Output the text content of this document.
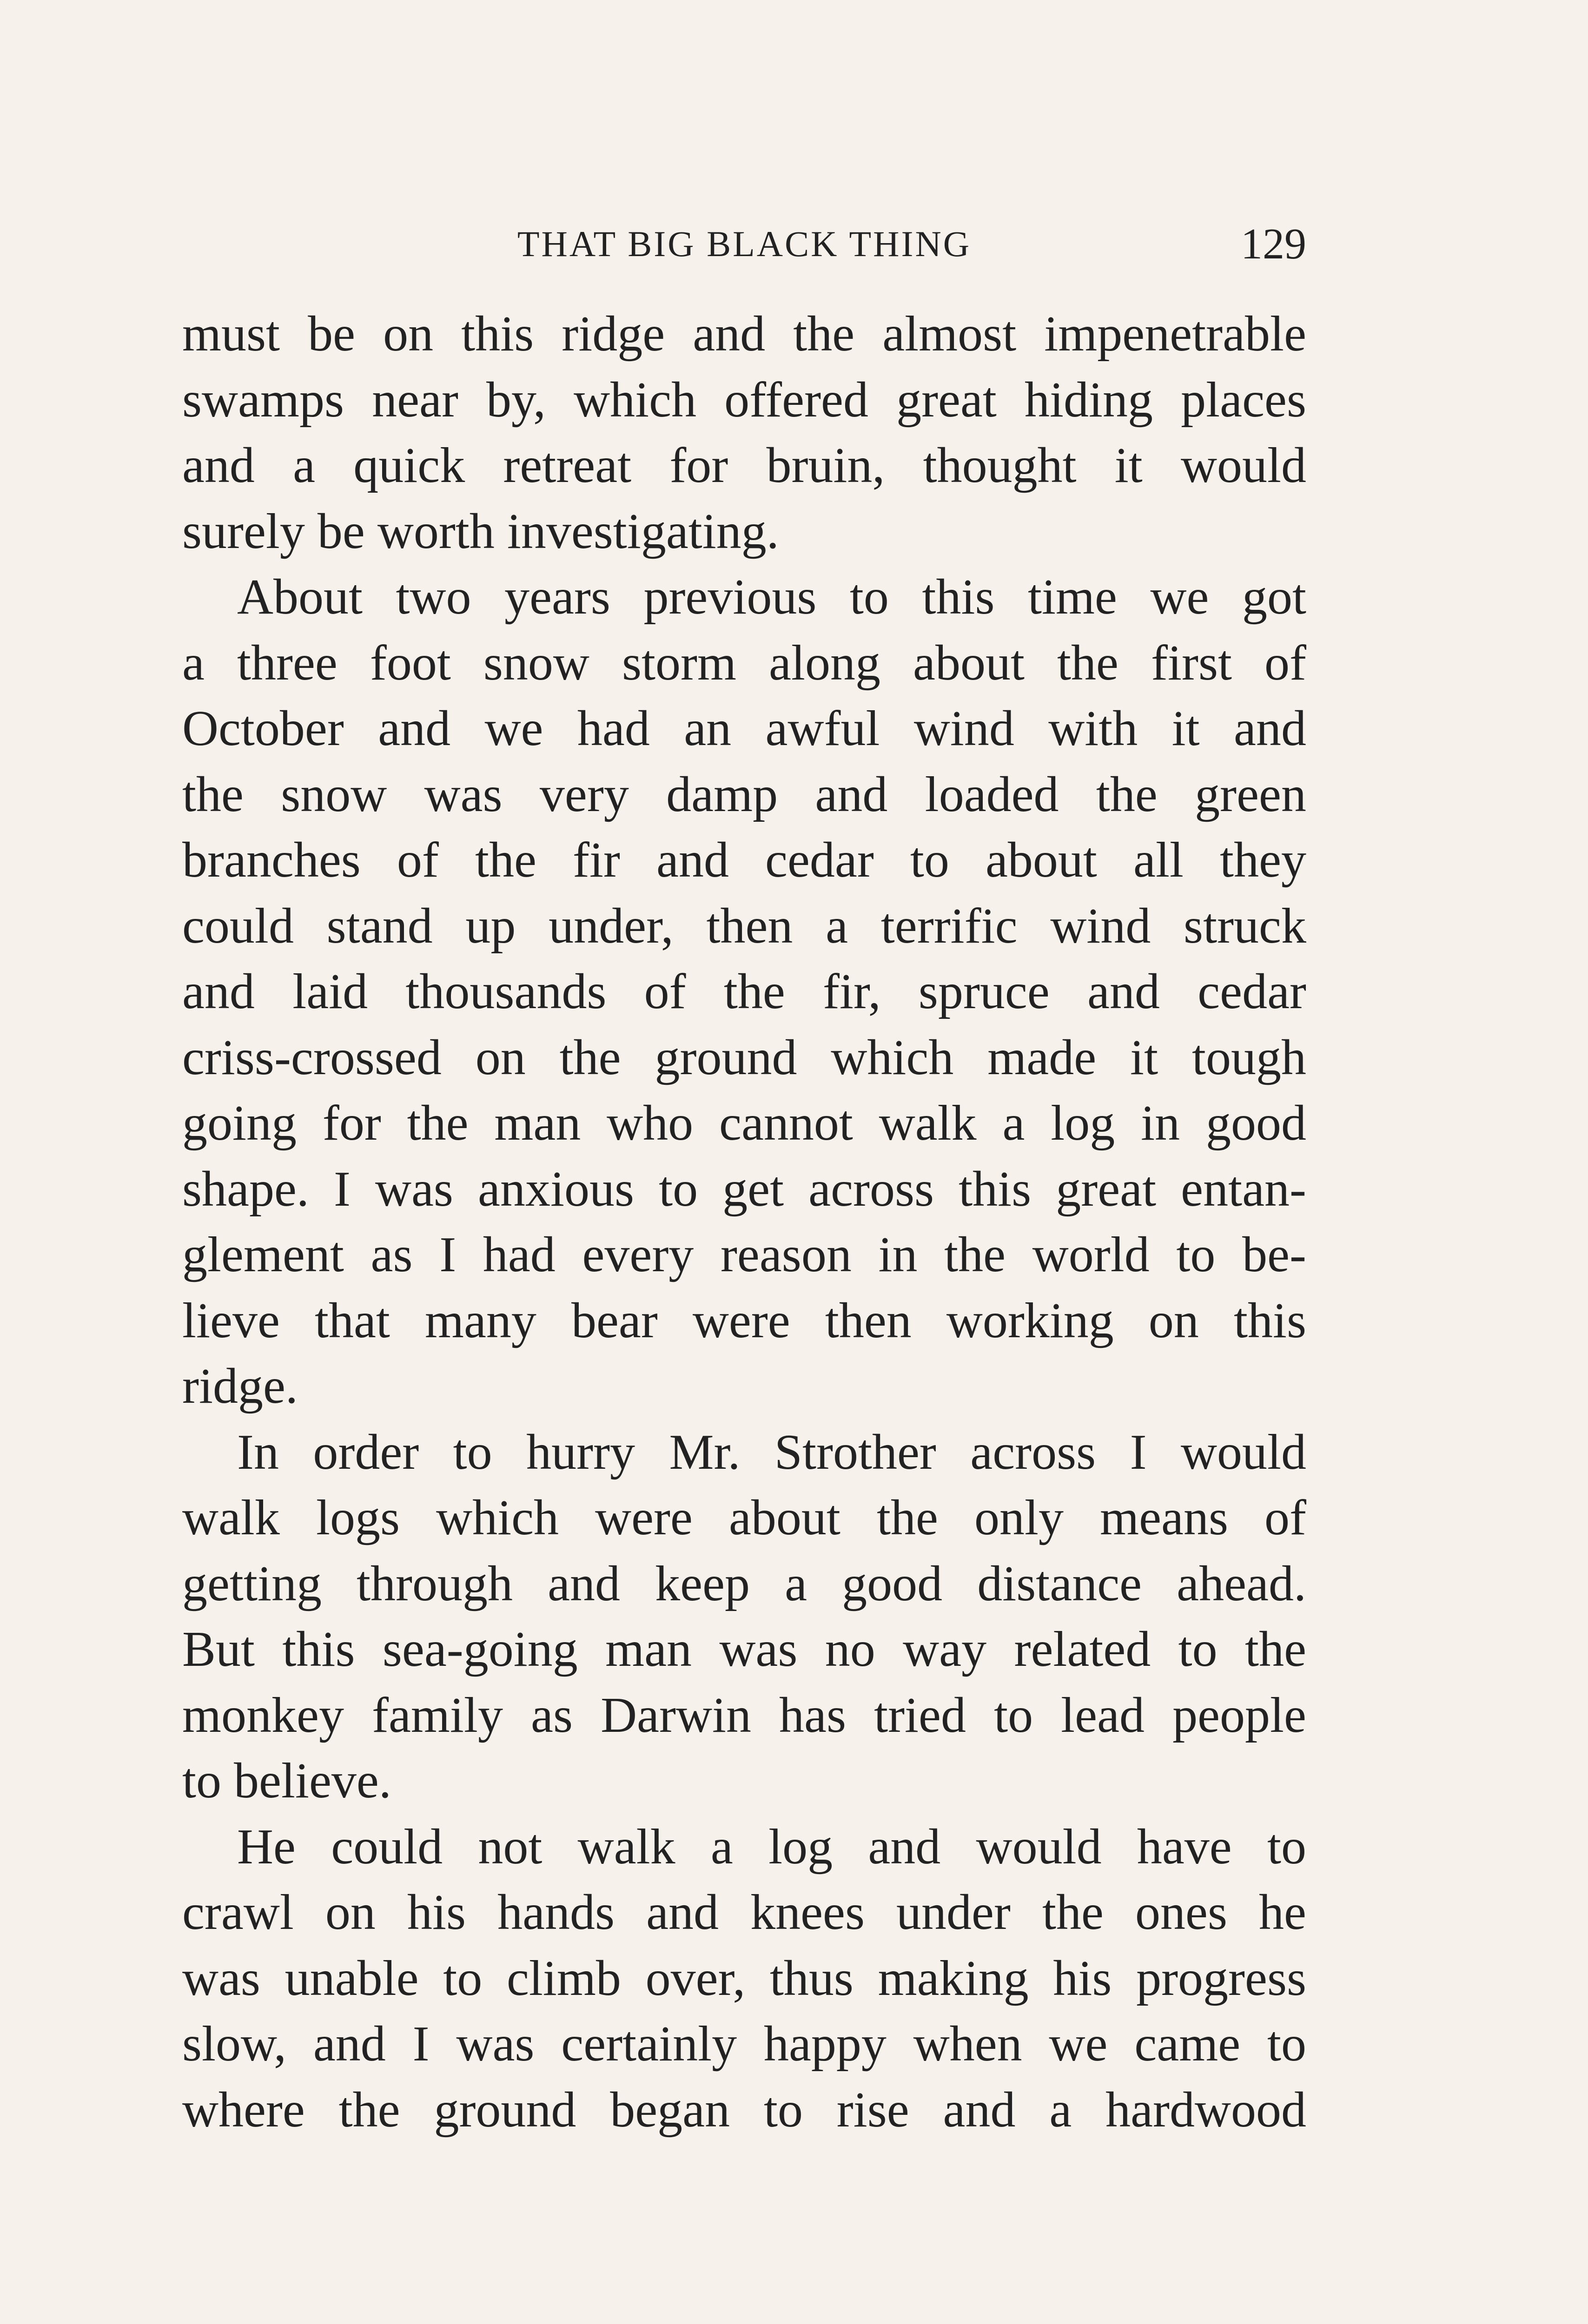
THAT BIG BLACK THING	129
must be on this ridge and the almost impenetrable
swamps near by, which offered great hiding places
and a quick retreat for bruin, thought it would
surely be worth investigating.
About two years previous to this time we got
a three foot snow storm along about the first of
October and we had an awful wind with it and
the snow was very damp and loaded the green
branches of the fir and cedar to about all they
could stand up under, then a terrific wind struck
and laid thousands of the fir, spruce and cedar
criss-crossed on the ground which made it tough
going for the man who cannot walk a log in good
shape. I was anxious to get across this great entan-
glement as I had every reason in the world to be-
lieve that many bear were then working on this
ridge.
In order to hurry Mr. Strother across I would
walk logs which were about the only means of
getting through and keep a good distance ahead.
But this sea-going man was no way related to the
monkey family as Darwin has tried to lead people
to believe.
He could not walk a log and would have to
crawl on his hands and knees under the ones he
was unable to climb over, thus making his progress
slow, and I was certainly happy when we came to
where the ground began to rise and a hardwood
